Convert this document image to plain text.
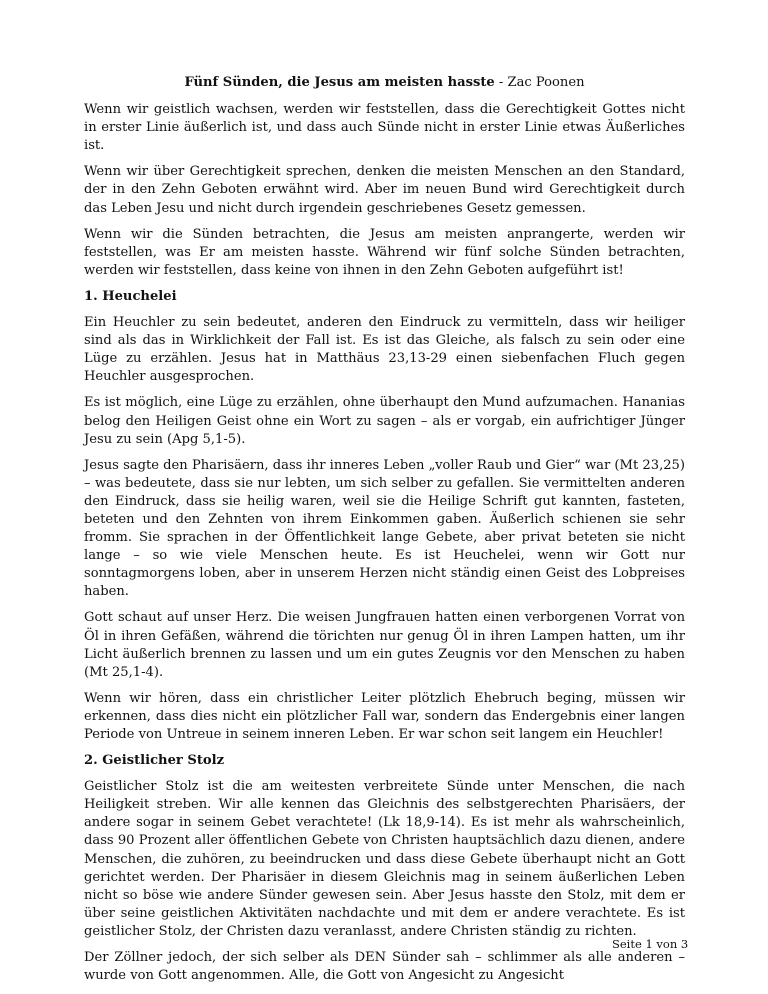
Fünf Sünden, die Jesus am meisten hasste - Zac Poonen

Wenn wir geistlich wachsen, werden wir feststellen, dass die Gerechtigkeit Gottes nicht in erster Linie äußerlich ist, und dass auch Sünde nicht in erster Linie etwas Äußerliches ist.

Wenn wir über Gerechtigkeit sprechen, denken die meisten Menschen an den Standard, der in den Zehn Geboten erwähnt wird. Aber im neuen Bund wird Gerechtigkeit durch das Leben Jesu und nicht durch irgendein geschriebenes Gesetz gemessen.

Wenn wir die Sünden betrachten, die Jesus am meisten anprangerte, werden wir feststellen, was Er am meisten hasste. Während wir fünf solche Sünden betrachten, werden wir feststellen, dass keine von ihnen in den Zehn Geboten aufgeführt ist!

1. Heuchelei

Ein Heuchler zu sein bedeutet, anderen den Eindruck zu vermitteln, dass wir heiliger sind als das in Wirklichkeit der Fall ist. Es ist das Gleiche, als falsch zu sein oder eine Lüge zu erzählen. Jesus hat in Matthäus 23,13-29 einen siebenfachen Fluch gegen Heuchler ausgesprochen.

Es ist möglich, eine Lüge zu erzählen, ohne überhaupt den Mund aufzumachen. Hananias belog den Heiligen Geist ohne ein Wort zu sagen – als er vorgab, ein aufrichtiger Jünger Jesu zu sein (Apg 5,1-5).

Jesus sagte den Pharisäern, dass ihr inneres Leben „voller Raub und Gier“ war (Mt 23,25) – was bedeutete, dass sie nur lebten, um sich selber zu gefallen. Sie vermittelten anderen den Eindruck, dass sie heilig waren, weil sie die Heilige Schrift gut kannten, fasteten, beteten und den Zehnten von ihrem Einkommen gaben. Äußerlich schienen sie sehr fromm. Sie sprachen in der Öffentlichkeit lange Gebete, aber privat beteten sie nicht lange – so wie viele Menschen heute. Es ist Heuchelei, wenn wir Gott nur sonntagmorgens loben, aber in unserem Herzen nicht ständig einen Geist des Lobpreises haben.

Gott schaut auf unser Herz. Die weisen Jungfrauen hatten einen verborgenen Vorrat von Öl in ihren Gefäßen, während die törichten nur genug Öl in ihren Lampen hatten, um ihr Licht äußerlich brennen zu lassen und um ein gutes Zeugnis vor den Menschen zu haben (Mt 25,1-4).

Wenn wir hören, dass ein christlicher Leiter plötzlich Ehebruch beging, müssen wir erkennen, dass dies nicht ein plötzlicher Fall war, sondern das Endergebnis einer langen Periode von Untreue in seinem inneren Leben. Er war schon seit langem ein Heuchler!

2. Geistlicher Stolz

Geistlicher Stolz ist die am weitesten verbreitete Sünde unter Menschen, die nach Heiligkeit streben. Wir alle kennen das Gleichnis des selbstgerechten Pharisäers, der andere sogar in seinem Gebet verachtete! (Lk 18,9-14). Es ist mehr als wahrscheinlich, dass 90 Prozent aller öffentlichen Gebete von Christen hauptsächlich dazu dienen, andere Menschen, die zuhören, zu beeindrucken und dass diese Gebete überhaupt nicht an Gott gerichtet werden. Der Pharisäer in diesem Gleichnis mag in seinem äußerlichen Leben nicht so böse wie andere Sünder gewesen sein. Aber Jesus hasste den Stolz, mit dem er über seine geistlichen Aktivitäten nachdachte und mit dem er andere verachtete. Es ist geistlicher Stolz, der Christen dazu veranlasst, andere Christen ständig zu richten.

Der Zöllner jedoch, der sich selber als DEN Sünder sah – schlimmer als alle anderen – wurde von Gott angenommen. Alle, die Gott von Angesicht zu Angesicht

Seite 1 von 3
